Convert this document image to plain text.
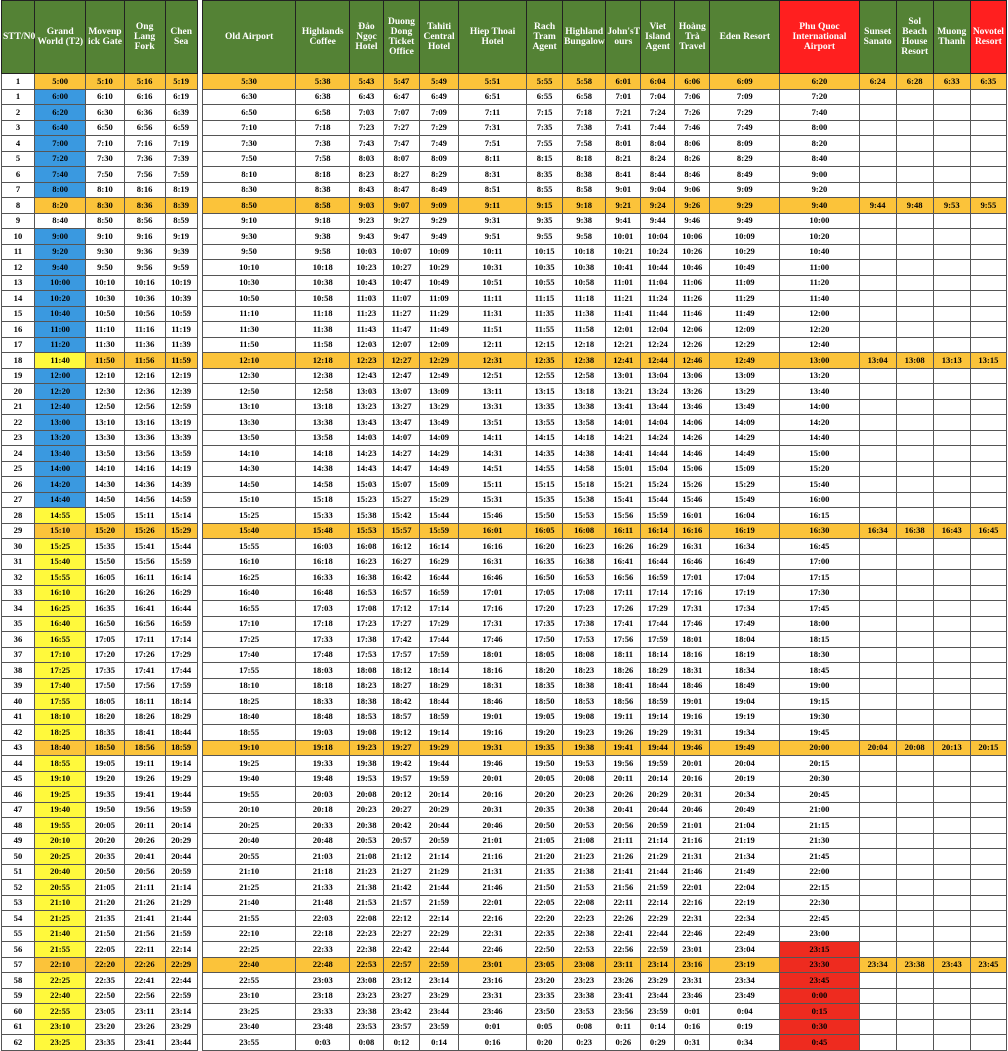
STT/N0	Grand World (T2)	Movenp ick Gate	Ong Lang Fork	Chen Sea		Old Airport	Highlands Coffee	Đảo Ngọc Hotel	Duong Dong Ticket Office	Tahiti Central Hotel	Hiep Thoai Hotel	Rach Tram Agent	Highland Bungalow	John'sT ours	Viet Island Agent	Hoàng Trà Travel	Eden Resort	Phu Quoc International Airport	Sunset Sanato	Sol Beach House Resort	Muong Thanh	Novotel Resort
1	5:00	5:10	5:16	5:19		5:30	5:38	5:43	5:47	5:49	5:51	5:55	5:58	6:01	6:04	6:06	6:09	6:20	6:24	6:28	6:33	6:35
1	6:00	6:10	6:16	6:19		6:30	6:38	6:43	6:47	6:49	6:51	6:55	6:58	7:01	7:04	7:06	7:09	7:20				
2	6:20	6:30	6:36	6:39		6:50	6:58	7:03	7:07	7:09	7:11	7:15	7:18	7:21	7:24	7:26	7:29	7:40				
3	6:40	6:50	6:56	6:59		7:10	7:18	7:23	7:27	7:29	7:31	7:35	7:38	7:41	7:44	7:46	7:49	8:00				
4	7:00	7:10	7:16	7:19		7:30	7:38	7:43	7:47	7:49	7:51	7:55	7:58	8:01	8:04	8:06	8:09	8:20				
5	7:20	7:30	7:36	7:39		7:50	7:58	8:03	8:07	8:09	8:11	8:15	8:18	8:21	8:24	8:26	8:29	8:40				
6	7:40	7:50	7:56	7:59		8:10	8:18	8:23	8:27	8:29	8:31	8:35	8:38	8:41	8:44	8:46	8:49	9:00				
7	8:00	8:10	8:16	8:19		8:30	8:38	8:43	8:47	8:49	8:51	8:55	8:58	9:01	9:04	9:06	9:09	9:20				
8	8:20	8:30	8:36	8:39		8:50	8:58	9:03	9:07	9:09	9:11	9:15	9:18	9:21	9:24	9:26	9:29	9:40	9:44	9:48	9:53	9:55
9	8:40	8:50	8:56	8:59		9:10	9:18	9:23	9:27	9:29	9:31	9:35	9:38	9:41	9:44	9:46	9:49	10:00				
10	9:00	9:10	9:16	9:19		9:30	9:38	9:43	9:47	9:49	9:51	9:55	9:58	10:01	10:04	10:06	10:09	10:20				
11	9:20	9:30	9:36	9:39		9:50	9:58	10:03	10:07	10:09	10:11	10:15	10:18	10:21	10:24	10:26	10:29	10:40				
12	9:40	9:50	9:56	9:59		10:10	10:18	10:23	10:27	10:29	10:31	10:35	10:38	10:41	10:44	10:46	10:49	11:00				
13	10:00	10:10	10:16	10:19		10:30	10:38	10:43	10:47	10:49	10:51	10:55	10:58	11:01	11:04	11:06	11:09	11:20				
14	10:20	10:30	10:36	10:39		10:50	10:58	11:03	11:07	11:09	11:11	11:15	11:18	11:21	11:24	11:26	11:29	11:40				
15	10:40	10:50	10:56	10:59		11:10	11:18	11:23	11:27	11:29	11:31	11:35	11:38	11:41	11:44	11:46	11:49	12:00				
16	11:00	11:10	11:16	11:19		11:30	11:38	11:43	11:47	11:49	11:51	11:55	11:58	12:01	12:04	12:06	12:09	12:20				
17	11:20	11:30	11:36	11:39		11:50	11:58	12:03	12:07	12:09	12:11	12:15	12:18	12:21	12:24	12:26	12:29	12:40				
18	11:40	11:50	11:56	11:59		12:10	12:18	12:23	12:27	12:29	12:31	12:35	12:38	12:41	12:44	12:46	12:49	13:00	13:04	13:08	13:13	13:15
19	12:00	12:10	12:16	12:19		12:30	12:38	12:43	12:47	12:49	12:51	12:55	12:58	13:01	13:04	13:06	13:09	13:20				
20	12:20	12:30	12:36	12:39		12:50	12:58	13:03	13:07	13:09	13:11	13:15	13:18	13:21	13:24	13:26	13:29	13:40				
21	12:40	12:50	12:56	12:59		13:10	13:18	13:23	13:27	13:29	13:31	13:35	13:38	13:41	13:44	13:46	13:49	14:00				
22	13:00	13:10	13:16	13:19		13:30	13:38	13:43	13:47	13:49	13:51	13:55	13:58	14:01	14:04	14:06	14:09	14:20				
23	13:20	13:30	13:36	13:39		13:50	13:58	14:03	14:07	14:09	14:11	14:15	14:18	14:21	14:24	14:26	14:29	14:40				
24	13:40	13:50	13:56	13:59		14:10	14:18	14:23	14:27	14:29	14:31	14:35	14:38	14:41	14:44	14:46	14:49	15:00				
25	14:00	14:10	14:16	14:19		14:30	14:38	14:43	14:47	14:49	14:51	14:55	14:58	15:01	15:04	15:06	15:09	15:20				
26	14:20	14:30	14:36	14:39		14:50	14:58	15:03	15:07	15:09	15:11	15:15	15:18	15:21	15:24	15:26	15:29	15:40				
27	14:40	14:50	14:56	14:59		15:10	15:18	15:23	15:27	15:29	15:31	15:35	15:38	15:41	15:44	15:46	15:49	16:00				
28	14:55	15:05	15:11	15:14		15:25	15:33	15:38	15:42	15:44	15:46	15:50	15:53	15:56	15:59	16:01	16:04	16:15				
29	15:10	15:20	15:26	15:29		15:40	15:48	15:53	15:57	15:59	16:01	16:05	16:08	16:11	16:14	16:16	16:19	16:30	16:34	16:38	16:43	16:45
30	15:25	15:35	15:41	15:44		15:55	16:03	16:08	16:12	16:14	16:16	16:20	16:23	16:26	16:29	16:31	16:34	16:45				
31	15:40	15:50	15:56	15:59		16:10	16:18	16:23	16:27	16:29	16:31	16:35	16:38	16:41	16:44	16:46	16:49	17:00				
32	15:55	16:05	16:11	16:14		16:25	16:33	16:38	16:42	16:44	16:46	16:50	16:53	16:56	16:59	17:01	17:04	17:15				
33	16:10	16:20	16:26	16:29		16:40	16:48	16:53	16:57	16:59	17:01	17:05	17:08	17:11	17:14	17:16	17:19	17:30				
34	16:25	16:35	16:41	16:44		16:55	17:03	17:08	17:12	17:14	17:16	17:20	17:23	17:26	17:29	17:31	17:34	17:45				
35	16:40	16:50	16:56	16:59		17:10	17:18	17:23	17:27	17:29	17:31	17:35	17:38	17:41	17:44	17:46	17:49	18:00				
36	16:55	17:05	17:11	17:14		17:25	17:33	17:38	17:42	17:44	17:46	17:50	17:53	17:56	17:59	18:01	18:04	18:15				
37	17:10	17:20	17:26	17:29		17:40	17:48	17:53	17:57	17:59	18:01	18:05	18:08	18:11	18:14	18:16	18:19	18:30				
38	17:25	17:35	17:41	17:44		17:55	18:03	18:08	18:12	18:14	18:16	18:20	18:23	18:26	18:29	18:31	18:34	18:45				
39	17:40	17:50	17:56	17:59		18:10	18:18	18:23	18:27	18:29	18:31	18:35	18:38	18:41	18:44	18:46	18:49	19:00				
40	17:55	18:05	18:11	18:14		18:25	18:33	18:38	18:42	18:44	18:46	18:50	18:53	18:56	18:59	19:01	19:04	19:15				
41	18:10	18:20	18:26	18:29		18:40	18:48	18:53	18:57	18:59	19:01	19:05	19:08	19:11	19:14	19:16	19:19	19:30				
42	18:25	18:35	18:41	18:44		18:55	19:03	19:08	19:12	19:14	19:16	19:20	19:23	19:26	19:29	19:31	19:34	19:45				
43	18:40	18:50	18:56	18:59		19:10	19:18	19:23	19:27	19:29	19:31	19:35	19:38	19:41	19:44	19:46	19:49	20:00	20:04	20:08	20:13	20:15
44	18:55	19:05	19:11	19:14		19:25	19:33	19:38	19:42	19:44	19:46	19:50	19:53	19:56	19:59	20:01	20:04	20:15				
45	19:10	19:20	19:26	19:29		19:40	19:48	19:53	19:57	19:59	20:01	20:05	20:08	20:11	20:14	20:16	20:19	20:30				
46	19:25	19:35	19:41	19:44		19:55	20:03	20:08	20:12	20:14	20:16	20:20	20:23	20:26	20:29	20:31	20:34	20:45				
47	19:40	19:50	19:56	19:59		20:10	20:18	20:23	20:27	20:29	20:31	20:35	20:38	20:41	20:44	20:46	20:49	21:00				
48	19:55	20:05	20:11	20:14		20:25	20:33	20:38	20:42	20:44	20:46	20:50	20:53	20:56	20:59	21:01	21:04	21:15				
49	20:10	20:20	20:26	20:29		20:40	20:48	20:53	20:57	20:59	21:01	21:05	21:08	21:11	21:14	21:16	21:19	21:30				
50	20:25	20:35	20:41	20:44		20:55	21:03	21:08	21:12	21:14	21:16	21:20	21:23	21:26	21:29	21:31	21:34	21:45				
51	20:40	20:50	20:56	20:59		21:10	21:18	21:23	21:27	21:29	21:31	21:35	21:38	21:41	21:44	21:46	21:49	22:00				
52	20:55	21:05	21:11	21:14		21:25	21:33	21:38	21:42	21:44	21:46	21:50	21:53	21:56	21:59	22:01	22:04	22:15				
53	21:10	21:20	21:26	21:29		21:40	21:48	21:53	21:57	21:59	22:01	22:05	22:08	22:11	22:14	22:16	22:19	22:30				
54	21:25	21:35	21:41	21:44		21:55	22:03	22:08	22:12	22:14	22:16	22:20	22:23	22:26	22:29	22:31	22:34	22:45				
55	21:40	21:50	21:56	21:59		22:10	22:18	22:23	22:27	22:29	22:31	22:35	22:38	22:41	22:44	22:46	22:49	23:00				
56	21:55	22:05	22:11	22:14		22:25	22:33	22:38	22:42	22:44	22:46	22:50	22:53	22:56	22:59	23:01	23:04	23:15				
57	22:10	22:20	22:26	22:29		22:40	22:48	22:53	22:57	22:59	23:01	23:05	23:08	23:11	23:14	23:16	23:19	23:30	23:34	23:38	23:43	23:45
58	22:25	22:35	22:41	22:44		22:55	23:03	23:08	23:12	23:14	23:16	23:20	23:23	23:26	23:29	23:31	23:34	23:45				
59	22:40	22:50	22:56	22:59		23:10	23:18	23:23	23:27	23:29	23:31	23:35	23:38	23:41	23:44	23:46	23:49	0:00				
60	22:55	23:05	23:11	23:14		23:25	23:33	23:38	23:42	23:44	23:46	23:50	23:53	23:56	23:59	0:01	0:04	0:15				
61	23:10	23:20	23:26	23:29		23:40	23:48	23:53	23:57	23:59	0:01	0:05	0:08	0:11	0:14	0:16	0:19	0:30				
62	23:25	23:35	23:41	23:44		23:55	0:03	0:08	0:12	0:14	0:16	0:20	0:23	0:26	0:29	0:31	0:34	0:45				
